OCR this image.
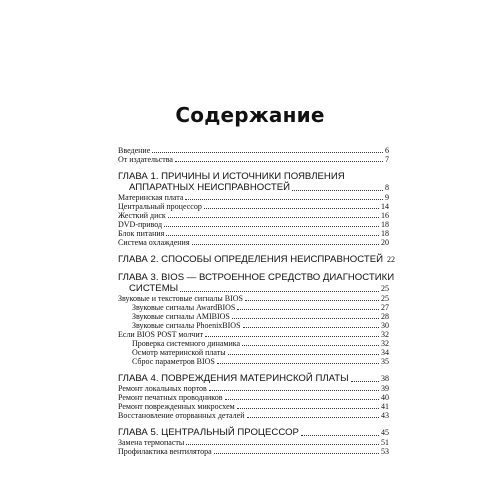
Содержание
Введение	6
От издательства	7
ГЛАВА 1. ПРИЧИНЫ И ИСТОЧНИКИ ПОЯВЛЕНИЯ
АППАРАТНЫХ НЕИСПРАВНОСТЕЙ	8
Материнская плата	9
Центральный процессор	14
Жесткий диск	16
DVD-привод	18
Блок питания	18
Система охлаждения	20
ГЛАВА 2. СПОСОБЫ ОПРЕДЕЛЕНИЯ НЕИСПРАВНОСТЕЙ 22
ГЛАВА 3. BIOS — ВСТРОЕННОЕ СРЕДСТВО ДИАГНОСТИКИ
СИСТЕМЫ	25
Звуковые и текстовые сигналы BIOS	25
Звуковые сигналы AwardBIOS	27
Звуковые сигналы AMIBIOS	28
Звуковые сигналы PhoenixBIOS	30
Если BIOS POST молчит	32
Проверка системного динамика	32
Осмотр материнской платы	34
Сброс параметров BIOS	35
ГЛАВА 4. ПОВРЕЖДЕНИЯ МАТЕРИНСКОЙ ПЛАТЫ	38
Ремонт локальных портов	39
Ремонт печатных проводников	40
Ремонт поврежденных микросхем	41
Восстановление оторванных деталей	43
ГЛАВА 5. ЦЕНТРАЛЬНЫЙ ПРОЦЕССОР	45
Замена термопасты	51
Профилактика вентилятора	53
